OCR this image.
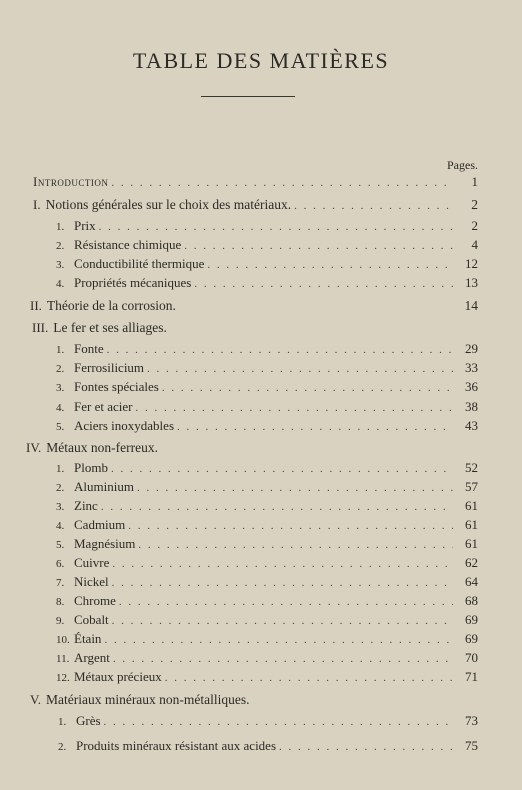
TABLE DES MATIÈRES
Pages.
Introduction . . .	1
I. Notions générales sur le choix des matériaux. . . .	2
1. Prix . . .	2
2. Résistance chimique . . .	4
3. Conductibilité thermique . . .	12
4. Propriétés mécaniques . . .	13
II. Théorie de la corrosion.	14
III. Le fer et ses alliages.
1. Fonte . . .	29
2. Ferrosilicium . . .	33
3. Fontes spéciales . . .	36
4. Fer et acier . . .	38
5. Aciers inoxydables . . .	43
IV. Métaux non-ferreux.
1. Plomb . . .	52
2. Aluminium . . .	57
3. Zinc . . .	61
4. Cadmium . . .	61
5. Magnésium . . .	61
6. Cuivre . . .	62
7. Nickel . . .	64
8. Chrome . . .	68
9. Cobalt . . .	69
10. Étain . . .	69
11. Argent . . .	70
12. Métaux précieux . . .	71
V. Matériaux minéraux non-métalliques.
1. Grès . . .	73
2. Produits minéraux résistant aux acides . . .	75
